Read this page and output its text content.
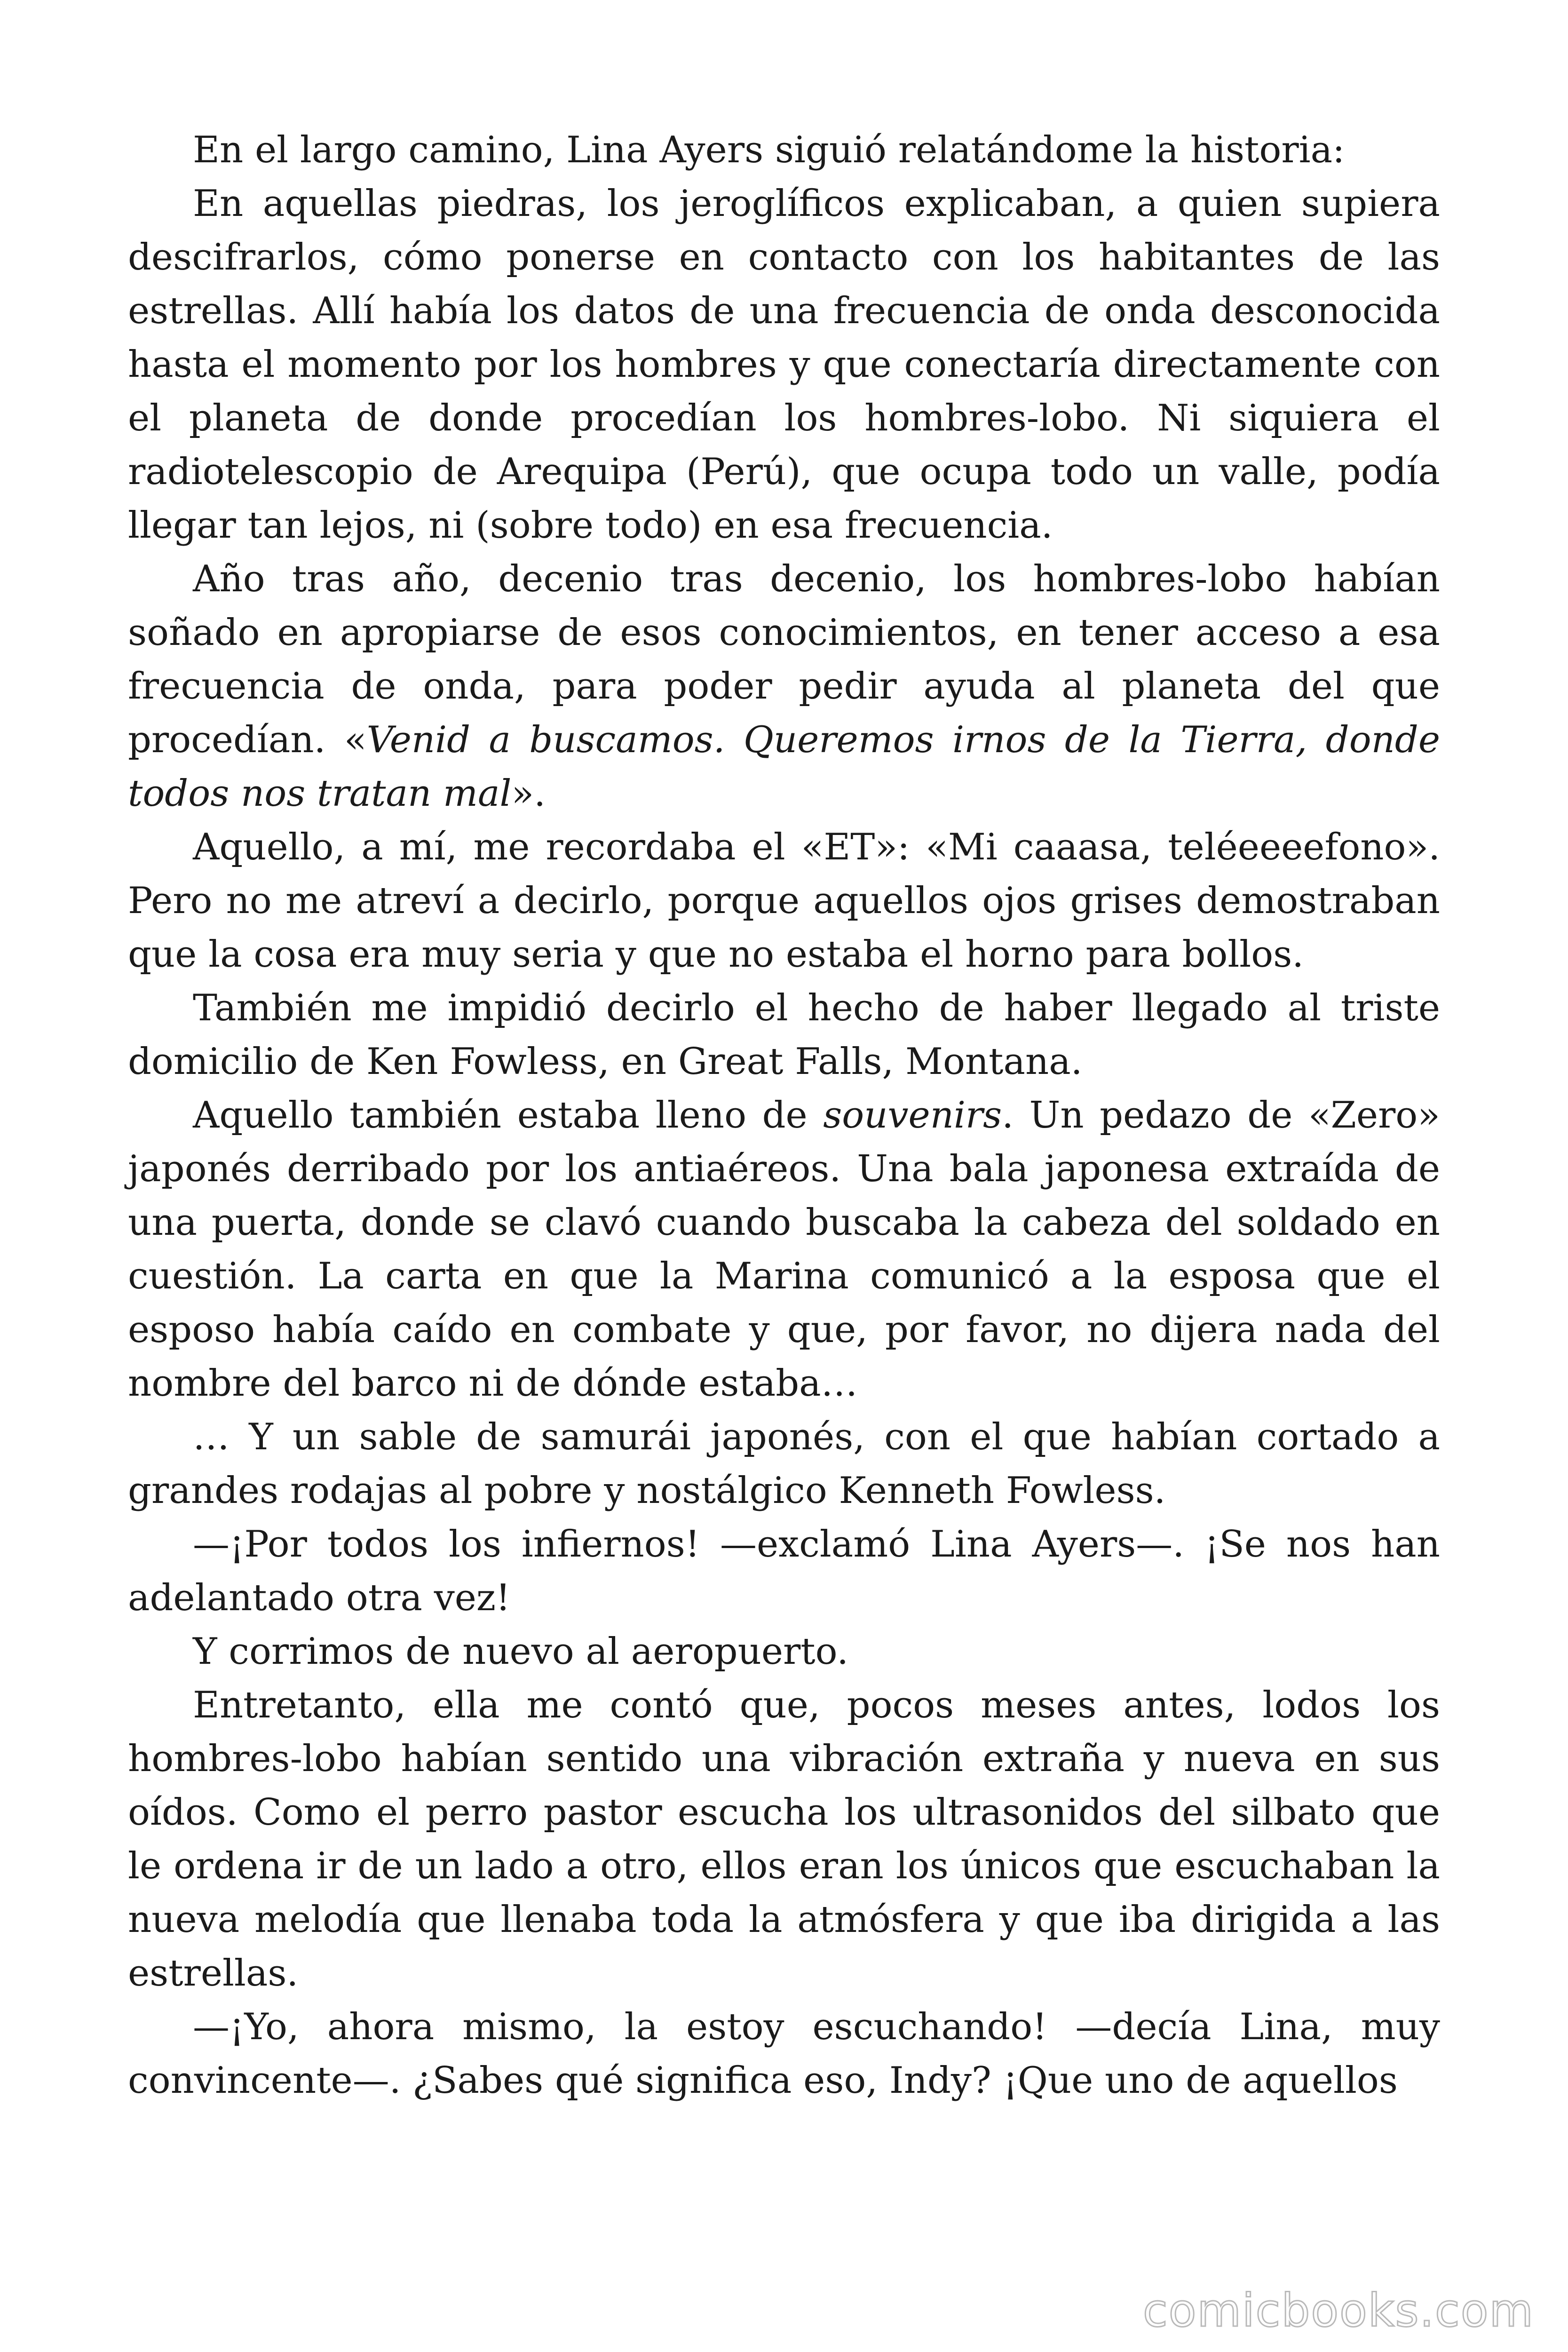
En el largo camino, Lina Ayers siguió relatándome la historia:

En aquellas piedras, los jeroglíficos explicaban, a quien supiera descifrarlos, cómo ponerse en contacto con los habitantes de las estrellas. Allí había los datos de una frecuencia de onda desconocida hasta el momento por los hombres y que conectaría directamente con el planeta de donde procedían los hombres-lobo. Ni siquiera el radiotelescopio de Arequipa (Perú), que ocupa todo un valle, podía llegar tan lejos, ni (sobre todo) en esa frecuencia.

Año tras año, decenio tras decenio, los hombres-lobo habían soñado en apropiarse de esos conocimientos, en tener acceso a esa frecuencia de onda, para poder pedir ayuda al planeta del que procedían. «Venid a buscamos. Queremos irnos de la Tierra, donde todos nos tratan mal».

Aquello, a mí, me recordaba el «ET»: «Mi caaasa, teléeeeefono». Pero no me atreví a decirlo, porque aquellos ojos grises demostraban que la cosa era muy seria y que no estaba el horno para bollos.

También me impidió decirlo el hecho de haber llegado al triste domicilio de Ken Fowless, en Great Falls, Montana.

Aquello también estaba lleno de souvenirs. Un pedazo de «Zero» japonés derribado por los antiaéreos. Una bala japonesa extraída de una puerta, donde se clavó cuando buscaba la cabeza del soldado en cuestión. La carta en que la Marina comunicó a la esposa que el esposo había caído en combate y que, por favor, no dijera nada del nombre del barco ni de dónde estaba…

… Y un sable de samurái japonés, con el que habían cortado a grandes rodajas al pobre y nostálgico Kenneth Fowless.

—¡Por todos los infiernos! —exclamó Lina Ayers—. ¡Se nos han adelantado otra vez!

Y corrimos de nuevo al aeropuerto.

Entretanto, ella me contó que, pocos meses antes, lodos los hombres-lobo habían sentido una vibración extraña y nueva en sus oídos. Como el perro pastor escucha los ultrasonidos del silbato que le ordena ir de un lado a otro, ellos eran los únicos que escuchaban la nueva melodía que llenaba toda la atmósfera y que iba dirigida a las estrellas.

—¡Yo, ahora mismo, la estoy escuchando! —decía Lina, muy convincente—. ¿Sabes qué significa eso, Indy? ¡Que uno de aquellos

comicbooks.com
